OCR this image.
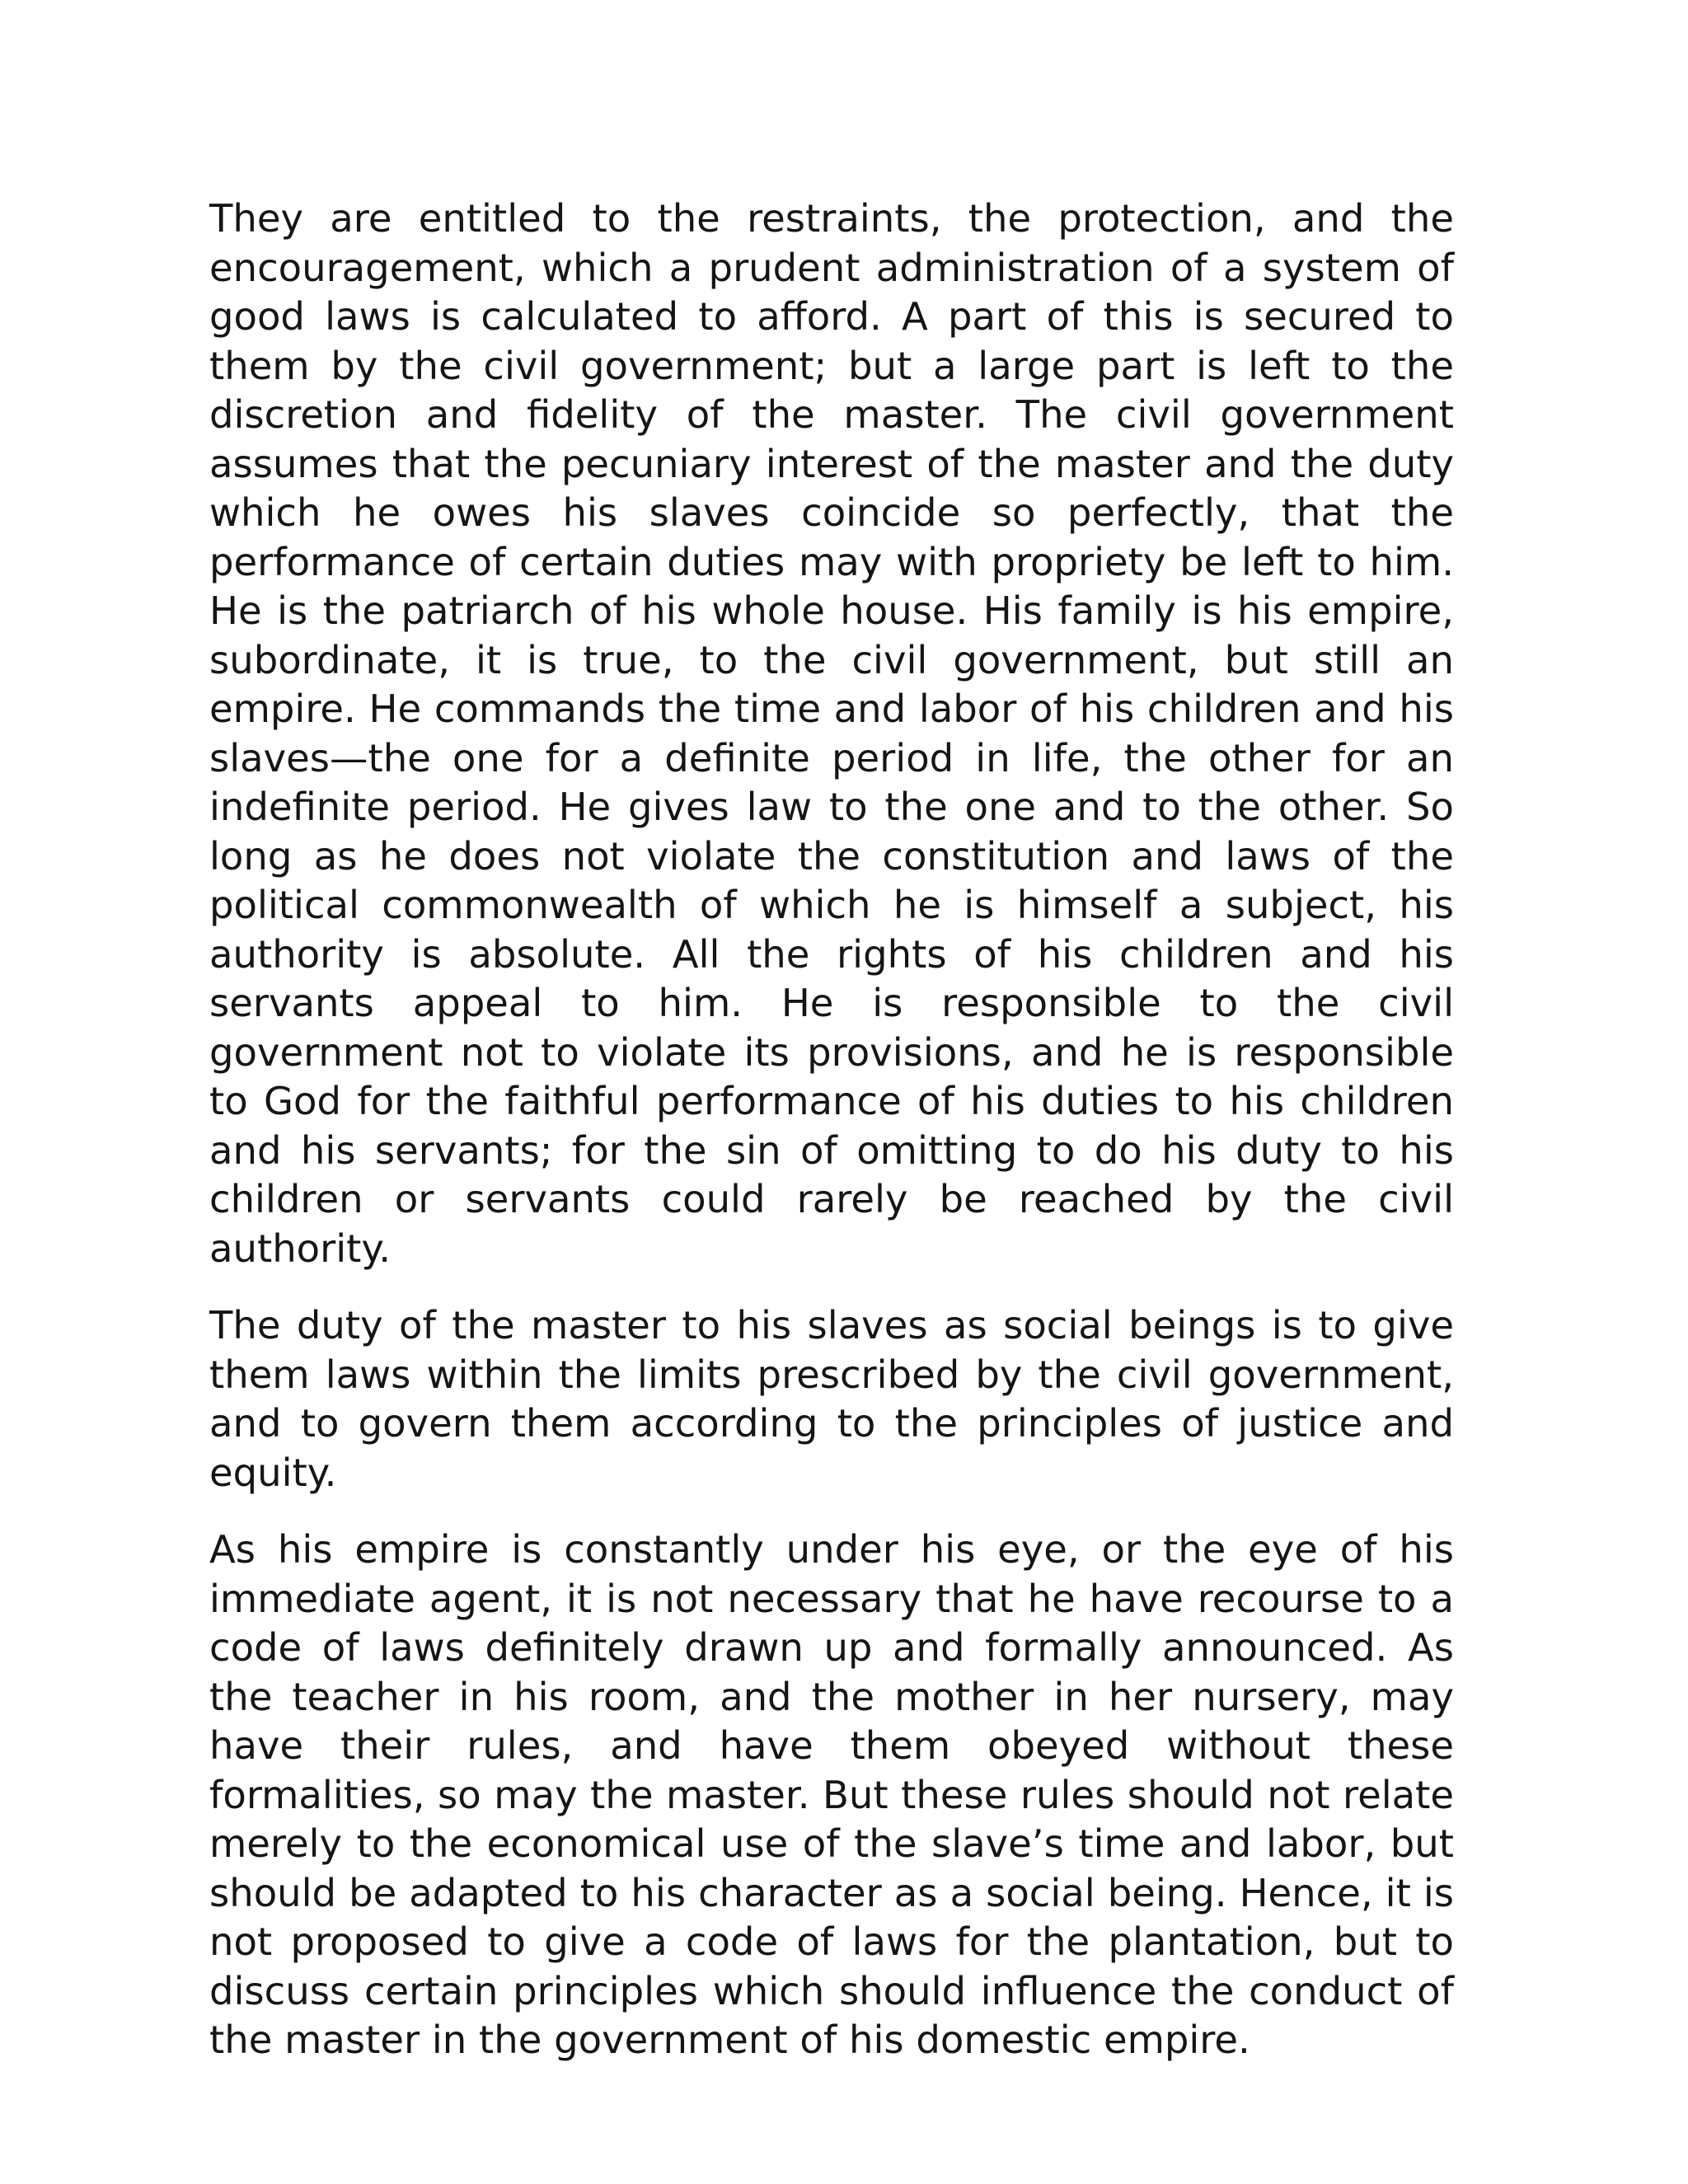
They are entitled to the restraints, the protection, and the encouragement, which a prudent administration of a system of good laws is calculated to afford. A part of this is secured to them by the civil government; but a large part is left to the discretion and fidelity of the master. The civil government assumes that the pecuniary interest of the master and the duty which he owes his slaves coincide so perfectly, that the performance of certain duties may with propriety be left to him. He is the patriarch of his whole house. His family is his empire, subordinate, it is true, to the civil government, but still an empire. He commands the time and labor of his children and his slaves—the one for a definite period in life, the other for an indefinite period. He gives law to the one and to the other. So long as he does not violate the constitution and laws of the political commonwealth of which he is himself a subject, his authority is absolute. All the rights of his children and his servants appeal to him. He is responsible to the civil government not to violate its provisions, and he is responsible to God for the faithful performance of his duties to his children and his servants; for the sin of omitting to do his duty to his children or servants could rarely be reached by the civil authority.

The duty of the master to his slaves as social beings is to give them laws within the limits prescribed by the civil government, and to govern them according to the principles of justice and equity.

As his empire is constantly under his eye, or the eye of his immediate agent, it is not necessary that he have recourse to a code of laws definitely drawn up and formally announced. As the teacher in his room, and the mother in her nursery, may have their rules, and have them obeyed without these formalities, so may the master. But these rules should not relate merely to the economical use of the slave’s time and labor, but should be adapted to his character as a social being. Hence, it is not proposed to give a code of laws for the plantation, but to discuss certain principles which should influence the conduct of the master in the government of his domestic empire.
